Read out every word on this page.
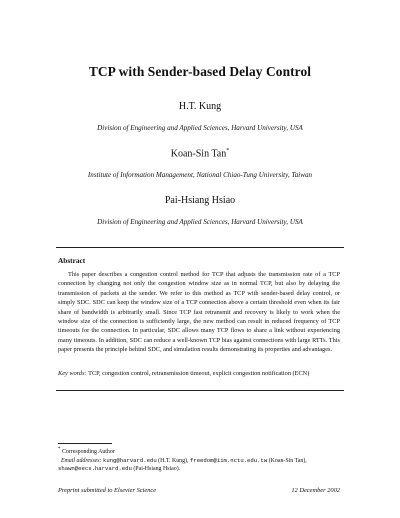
TCP with Sender-based Delay Control
H.T. Kung
Division of Engineering and Applied Sciences, Harvard University, USA
Koan-Sin Tan*
Institute of Information Management, National Chiao-Tung University, Taiwan
Pai-Hsiang Hsiao
Division of Engineering and Applied Sciences, Harvard University, USA
Abstract

This paper describes a congestion control method for TCP that adjusts the transmission rate of a TCP connection by changing not only the congestion window size as in normal TCP, but also by delaying the transmission of packets at the sender. We refer to this method as TCP with sender-based delay control, or simply SDC. SDC can keep the window size of a TCP connection above a certain threshold even when its fair share of bandwidth is arbitrarily small. Since TCP fast retransmit and recovery is likely to work when the window size of the connection is sufficiently large, the new method can result in reduced frequency of TCP timeouts for the connection. In particular, SDC allows many TCP flows to share a link without experiencing many timeouts. In addition, SDC can reduce a well-known TCP bias against connections with large RTTs. This paper presents the principle behind SDC, and simulation results demonstrating its properties and advantages.

Key words: TCP, congestion control, retransmission timeout, explicit congestion notification (ECN)

* Corresponding Author
Email addresses: kung@harvard.edu (H.T. Kung), freedom@iim.nctu.edu.tw (Koan-Sin Tan), shawn@eecs.harvard.edu (Pai-Hsiang Hsiao).

Preprint submitted to Elsevier Science	12 December 2002
